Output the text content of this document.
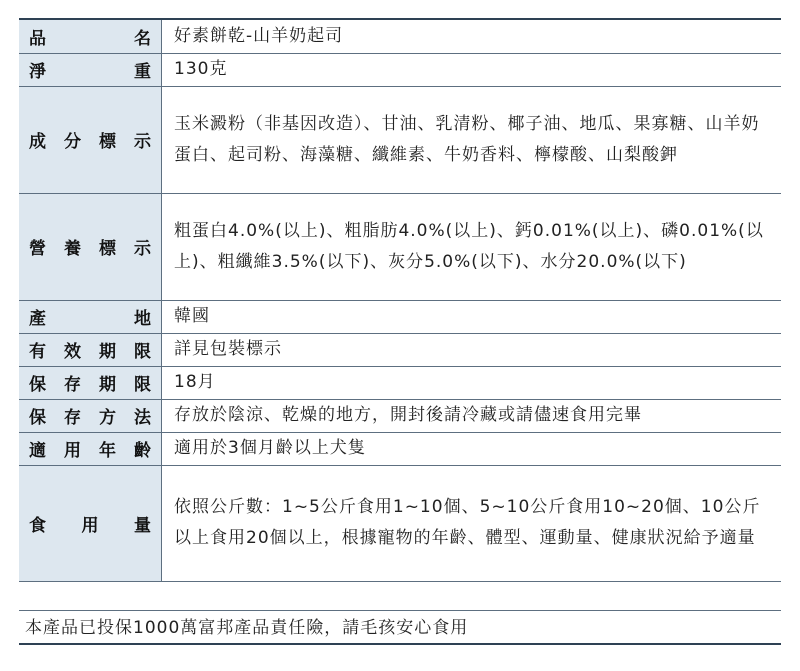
品　　　名	好素餅乾-山羊奶起司
淨　　　重	130克
成分標示	玉米澱粉（非基因改造）、甘油、乳清粉、椰子油、地瓜、果寡糖、山羊奶蛋白、起司粉、海藻糖、纖維素、牛奶香料、檸檬酸、山梨酸鉀
營養標示	粗蛋白4.0%(以上)、粗脂肪4.0%(以上)、鈣0.01%(以上)、磷0.01%(以上)、粗纖維3.5%(以下)、灰分5.0%(以下)、水分20.0%(以下)
產　　　地	韓國
有效期限	詳見包裝標示
保存期限	18月
保存方法	存放於陰涼、乾燥的地方，開封後請冷藏或請儘速食用完畢
適用年齡	適用於3個月齡以上犬隻
食　用　量	依照公斤數：1~5公斤食用1~10個、5~10公斤食用10~20個、10公斤以上食用20個以上，根據寵物的年齡、體型、運動量、健康狀況給予適量
本產品已投保1000萬富邦產品責任險，請毛孩安心食用
